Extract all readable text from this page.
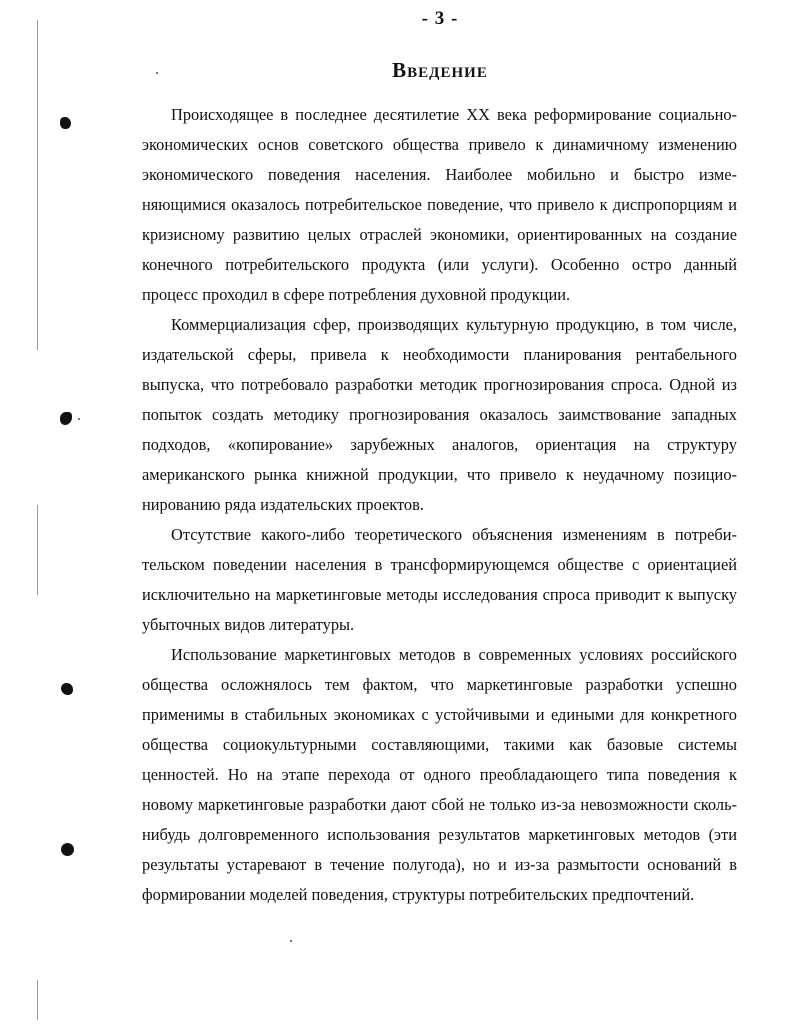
- 3 -
Введение

Происходящее в последнее десятилетие XX века реформирование социально-экономических основ советского общества привело к динамичному изменению экономического поведения населения. Наиболее мобильно и быстро изменяющимися оказалось потребительское поведение, что привело к диспропорциям и кризисному развитию целых отраслей экономики, ориентированных на создание конечного потребительского продукта (или услуги). Особенно остро данный процесс проходил в сфере потребления духовной продукции.

Коммерциализация сфер, производящих культурную продукцию, в том числе, издательской сферы, привела к необходимости планирования рентабельного выпуска, что потребовало разработки методик прогнозирования спроса. Одной из попыток создать методику прогнозирования оказалось заимствование западных подходов, «копирование» зарубежных аналогов, ориентация на структуру американского рынка книжной продукции, что привело к неудачному позиционированию ряда издательских проектов.

Отсутствие какого-либо теоретического объяснения изменениям в потребительском поведении населения в трансформирующемся обществе с ориентацией исключительно на маркетинговые методы исследования спроса приводит к выпуску убыточных видов литературы.

Использование маркетинговых методов в современных условиях российского общества осложнялось тем фактом, что маркетинговые разработки успешно применимы в стабильных экономиках с устойчивыми и едиными для конкретного общества социокультурными составляющими, такими как базовые системы ценностей. Но на этапе перехода от одного преобладающего типа поведения к новому маркетинговые разработки дают сбой не только из-за невозможности сколь-нибудь долговременного использования результатов маркетинговых методов (эти результаты устаревают в течение полугода), но и из-за размытости оснований в формировании моделей поведения, структуры потребительских предпочтений.
